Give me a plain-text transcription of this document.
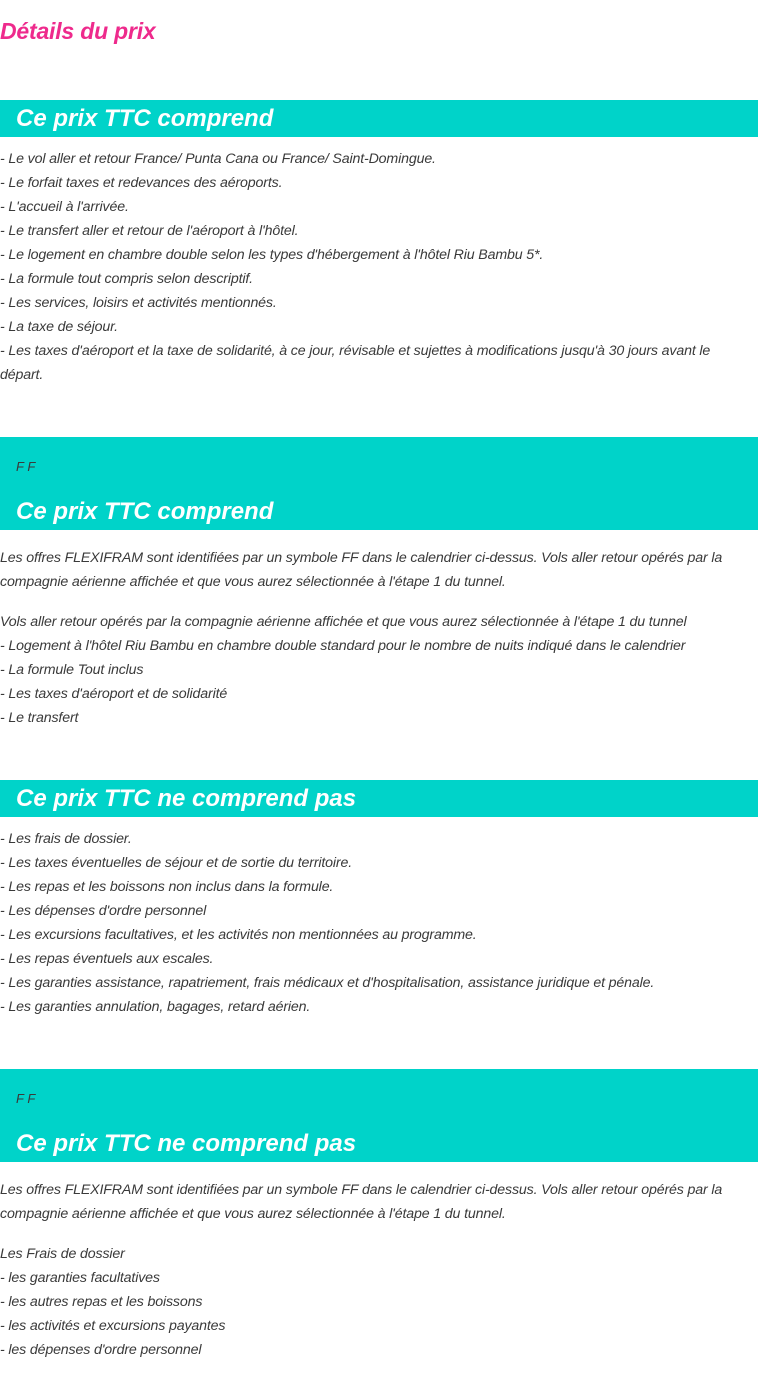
Détails du prix
Ce prix TTC comprend
- Le vol aller et retour France/ Punta Cana ou France/ Saint-Domingue.
- Le forfait taxes et redevances des aéroports.
- L'accueil à l'arrivée.
- Le transfert aller et retour de l'aéroport à l'hôtel.
- Le logement en chambre double selon les types d'hébergement à l'hôtel Riu Bambu 5*.
- La formule tout compris selon descriptif.
- Les services, loisirs et activités mentionnés.
- La taxe de séjour.
- Les taxes d'aéroport et la taxe de solidarité, à ce jour, révisable et sujettes à modifications jusqu'à 30 jours avant le départ.
F F
Ce prix TTC comprend
Les offres FLEXIFRAM sont identifiées par un symbole FF dans le calendrier ci-dessus. Vols aller retour opérés par la compagnie aérienne affichée et que vous aurez sélectionnée à l'étape 1 du tunnel.
Vols aller retour opérés par la compagnie aérienne affichée et que vous aurez sélectionnée à l'étape 1 du tunnel
- Logement à l'hôtel Riu Bambu en chambre double standard pour le nombre de nuits indiqué dans le calendrier
- La formule Tout inclus
- Les taxes d'aéroport et de solidarité
- Le transfert
Ce prix TTC ne comprend pas
- Les frais de dossier.
- Les taxes éventuelles de séjour et de sortie du territoire.
- Les repas et les boissons non inclus dans la formule.
- Les dépenses d'ordre personnel
- Les excursions facultatives, et les activités non mentionnées au programme.
- Les repas éventuels aux escales.
- Les garanties assistance, rapatriement, frais médicaux et d'hospitalisation, assistance juridique et pénale.
- Les garanties annulation, bagages, retard aérien.
F F
Ce prix TTC ne comprend pas
Les offres FLEXIFRAM sont identifiées par un symbole FF dans le calendrier ci-dessus. Vols aller retour opérés par la compagnie aérienne affichée et que vous aurez sélectionnée à l'étape 1 du tunnel.
Les Frais de dossier
- les garanties facultatives
- les autres repas et les boissons
- les activités et excursions payantes
- les dépenses d'ordre personnel
